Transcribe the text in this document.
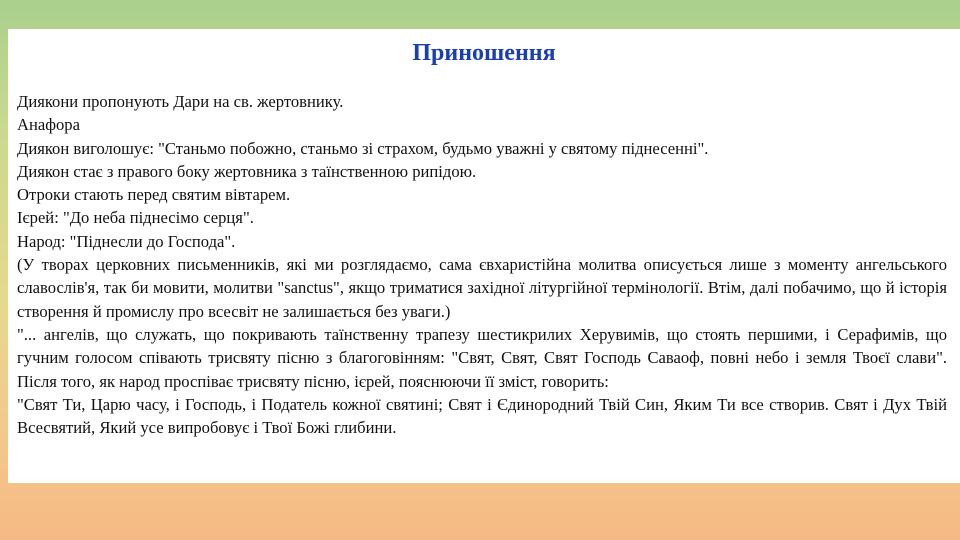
Приношення

Диякони пропонують Дари на св. жертовнику.

Анафора

Диякон виголошує: "Станьмо побожно, станьмо зі страхом, будьмо уважні у святому піднесенні".

Диякон стає з правого боку жертовника з таїнственною рипідою.

Отроки стають перед святим вівтарем.

Ієрей: "До неба піднесімо серця".

Народ: "Піднесли до Господа".

(У творах церковних письменників, які ми розглядаємо, сама євхаристійна молитва описується лише з моменту ангельського славослів'я, так би мовити, молитви "sanctus", якщо триматися західної літургійної термінології. Втім, далі побачимо, що й історія створення й промислу про всесвіт не залишається без уваги.)

"... ангелів, що служать, що покривають таїнственну трапезу шестикрилих Херувимів, що стоять першими, і Серафимів, що гучним голосом співають трисвяту пісню з благоговінням: "Свят, Свят, Свят Господь Саваоф, повні небо і земля Твоєї слави". Після того, як народ проспіває трисвяту пісню, ієрей, пояснюючи її зміст, говорить:

"Свят Ти, Царю часу, і Господь, і Податель кожної святині; Свят і Єдинородний Твій Син, Яким Ти все створив. Свят і Дух Твій Всесвятий, Який усе випробовує і Твої Божі глибини.
